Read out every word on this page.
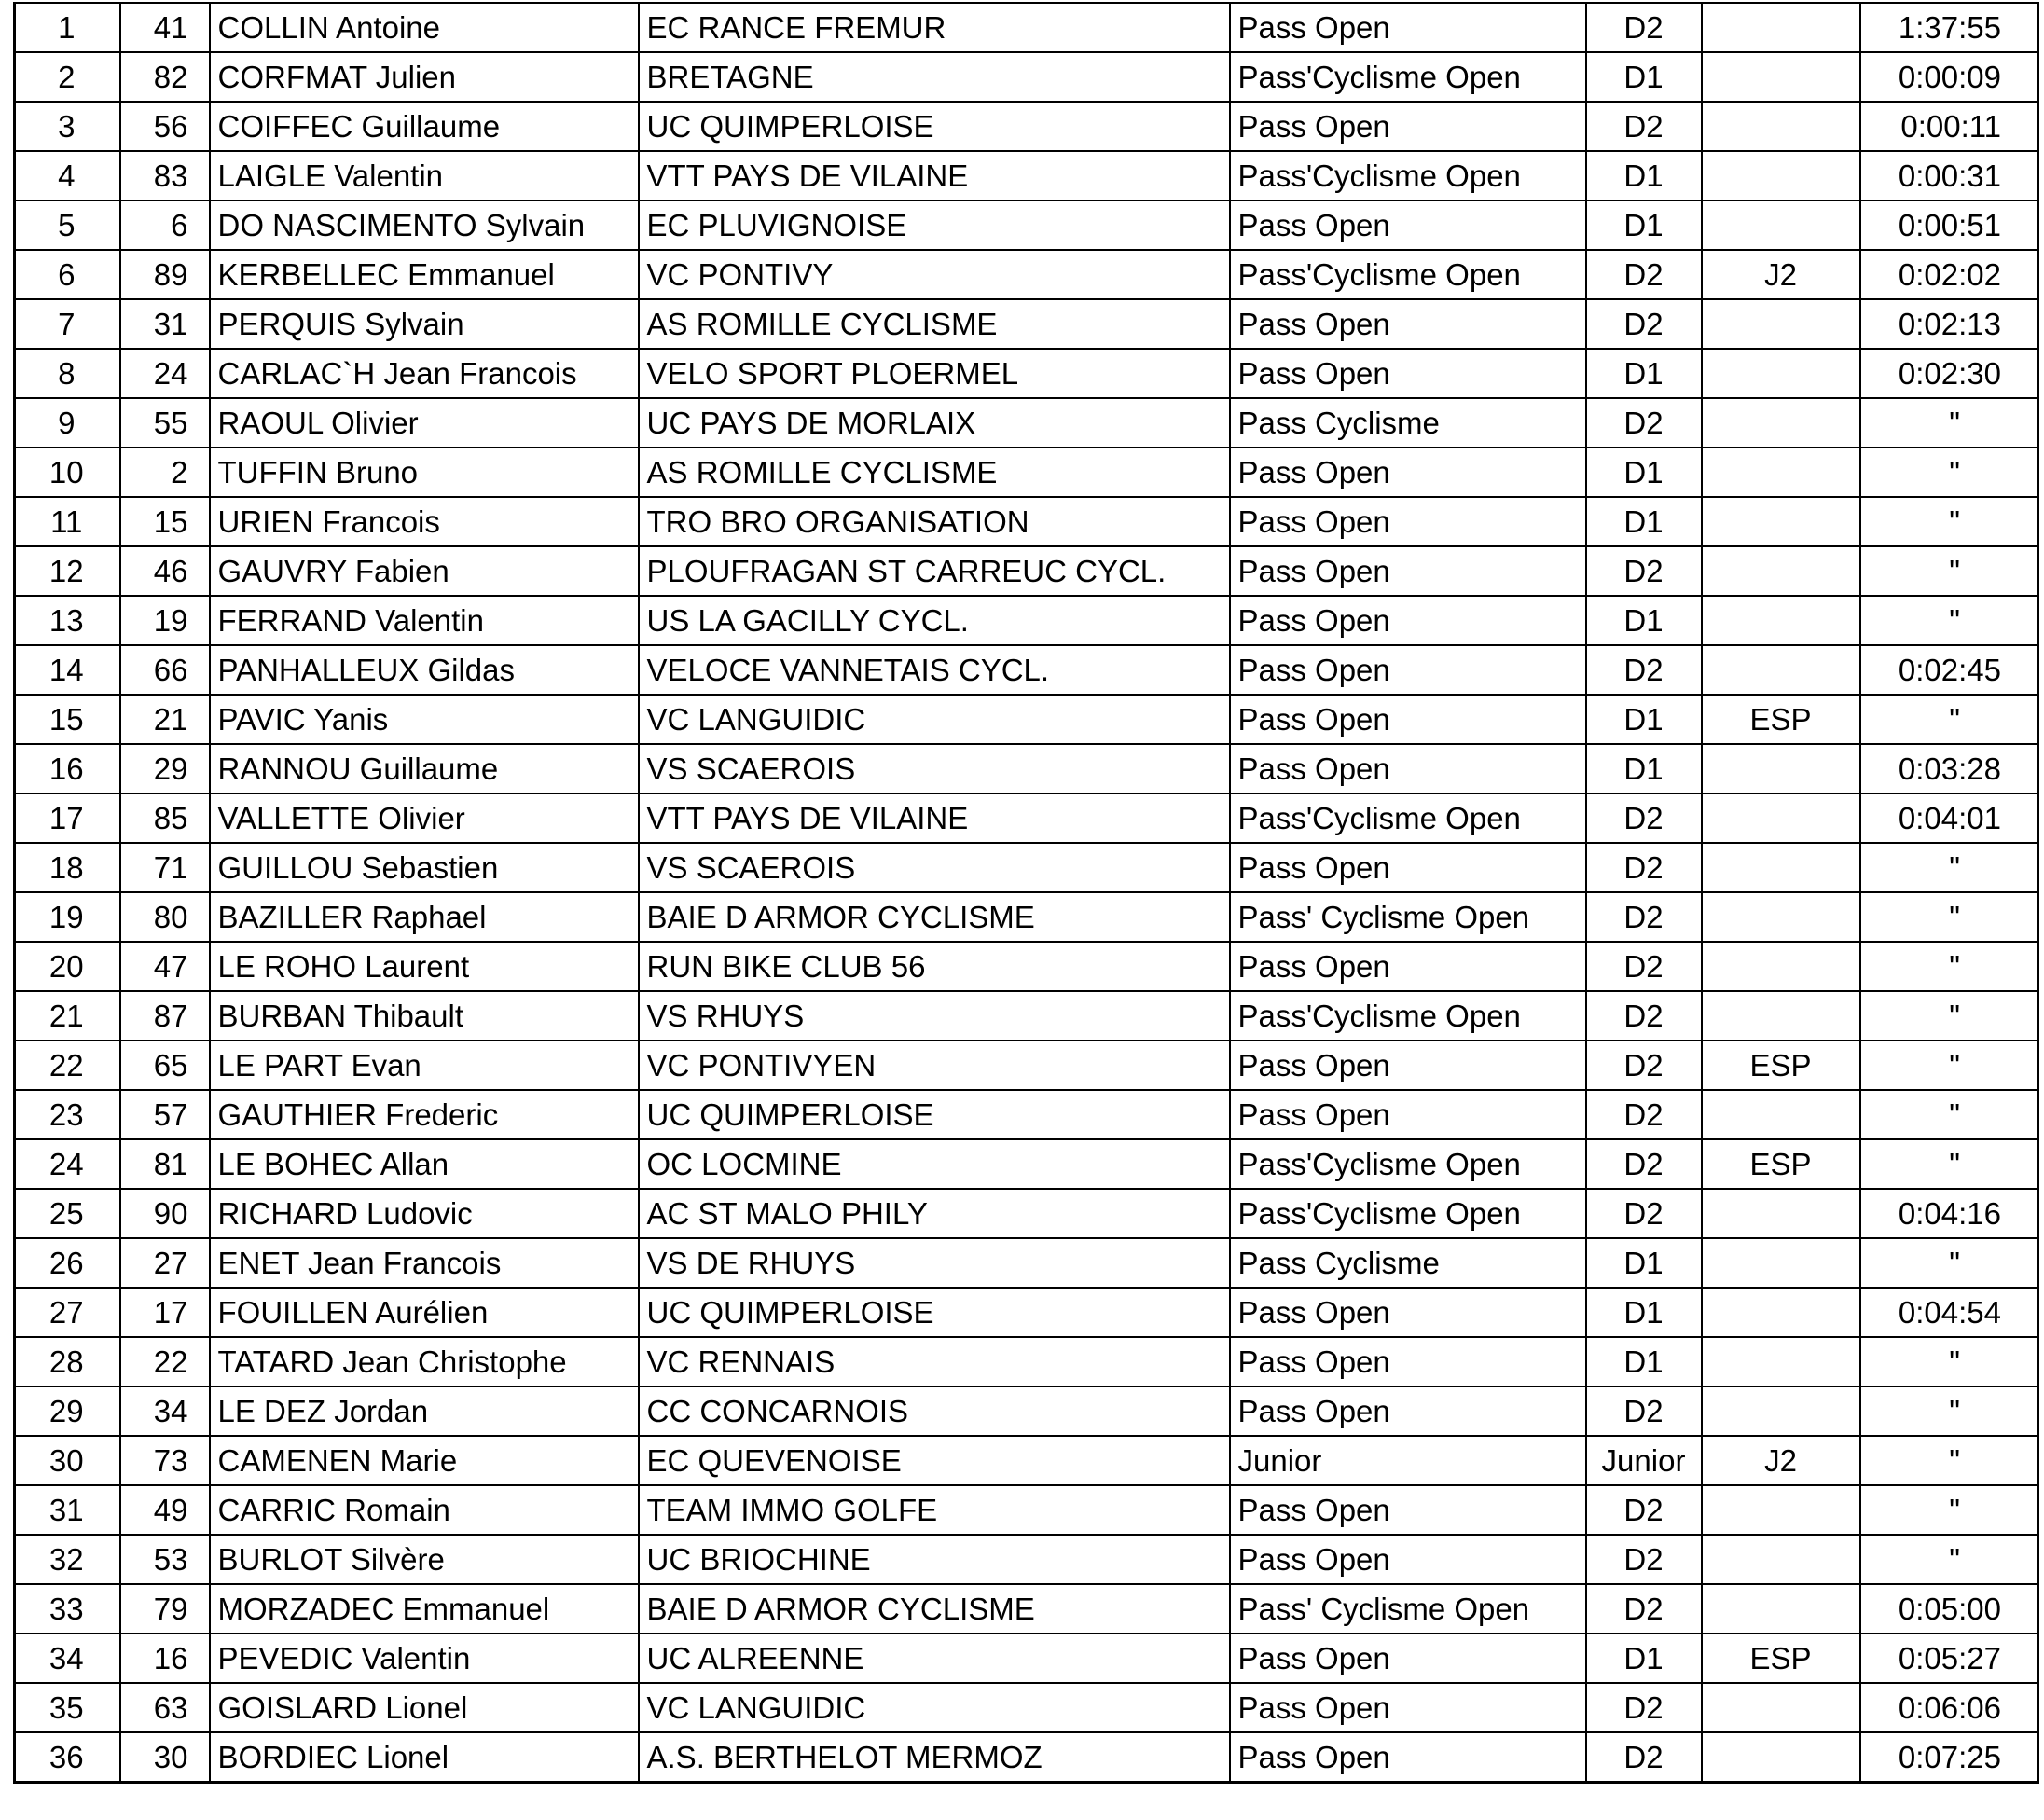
1	41	COLLIN Antoine	EC RANCE FREMUR	Pass Open	D2		1:37:55
2	82	CORFMAT Julien	BRETAGNE	Pass'Cyclisme Open	D1		0:00:09
3	56	COIFFEC Guillaume	UC QUIMPERLOISE	Pass Open	D2		0:00:11
4	83	LAIGLE Valentin	VTT PAYS DE VILAINE	Pass'Cyclisme Open	D1		0:00:31
5	6	DO NASCIMENTO Sylvain	EC PLUVIGNOISE	Pass Open	D1		0:00:51
6	89	KERBELLEC Emmanuel	VC PONTIVY	Pass'Cyclisme Open	D2	J2	0:02:02
7	31	PERQUIS Sylvain	AS ROMILLE CYCLISME	Pass Open	D2		0:02:13
8	24	CARLAC`H Jean Francois	VELO SPORT PLOERMEL	Pass Open	D1		0:02:30
9	55	RAOUL Olivier	UC PAYS DE MORLAIX	Pass Cyclisme	D2		"
10	2	TUFFIN Bruno	AS ROMILLE CYCLISME	Pass Open	D1		"
11	15	URIEN Francois	TRO BRO ORGANISATION	Pass Open	D1		"
12	46	GAUVRY Fabien	PLOUFRAGAN ST CARREUC CYCL.	Pass Open	D2		"
13	19	FERRAND Valentin	US LA GACILLY CYCL.	Pass Open	D1		"
14	66	PANHALLEUX Gildas	VELOCE VANNETAIS CYCL.	Pass Open	D2		0:02:45
15	21	PAVIC Yanis	VC LANGUIDIC	Pass Open	D1	ESP	"
16	29	RANNOU Guillaume	VS SCAEROIS	Pass Open	D1		0:03:28
17	85	VALLETTE Olivier	VTT PAYS DE VILAINE	Pass'Cyclisme Open	D2		0:04:01
18	71	GUILLOU Sebastien	VS SCAEROIS	Pass Open	D2		"
19	80	BAZILLER Raphael	BAIE D ARMOR CYCLISME	Pass' Cyclisme Open	D2		"
20	47	LE ROHO Laurent	RUN BIKE CLUB 56	Pass Open	D2		"
21	87	BURBAN Thibault	VS RHUYS	Pass'Cyclisme Open	D2		"
22	65	LE PART Evan	VC PONTIVYEN	Pass Open	D2	ESP	"
23	57	GAUTHIER Frederic	UC QUIMPERLOISE	Pass Open	D2		"
24	81	LE BOHEC Allan	OC LOCMINE	Pass'Cyclisme Open	D2	ESP	"
25	90	RICHARD Ludovic	AC ST MALO PHILY	Pass'Cyclisme Open	D2		0:04:16
26	27	ENET Jean Francois	VS DE RHUYS	Pass Cyclisme	D1		"
27	17	FOUILLEN Aurélien	UC QUIMPERLOISE	Pass Open	D1		0:04:54
28	22	TATARD Jean Christophe	VC RENNAIS	Pass Open	D1		"
29	34	LE DEZ Jordan	CC CONCARNOIS	Pass Open	D2		"
30	73	CAMENEN Marie	EC QUEVENOISE	Junior	Junior	J2	"
31	49	CARRIC Romain	TEAM IMMO GOLFE	Pass Open	D2		"
32	53	BURLOT Silvère	UC BRIOCHINE	Pass Open	D2		"
33	79	MORZADEC Emmanuel	BAIE D ARMOR CYCLISME	Pass' Cyclisme Open	D2		0:05:00
34	16	PEVEDIC Valentin	UC ALREENNE	Pass Open	D1	ESP	0:05:27
35	63	GOISLARD Lionel	VC LANGUIDIC	Pass Open	D2		0:06:06
36	30	BORDIEC Lionel	A.S. BERTHELOT MERMOZ	Pass Open	D2		0:07:25
